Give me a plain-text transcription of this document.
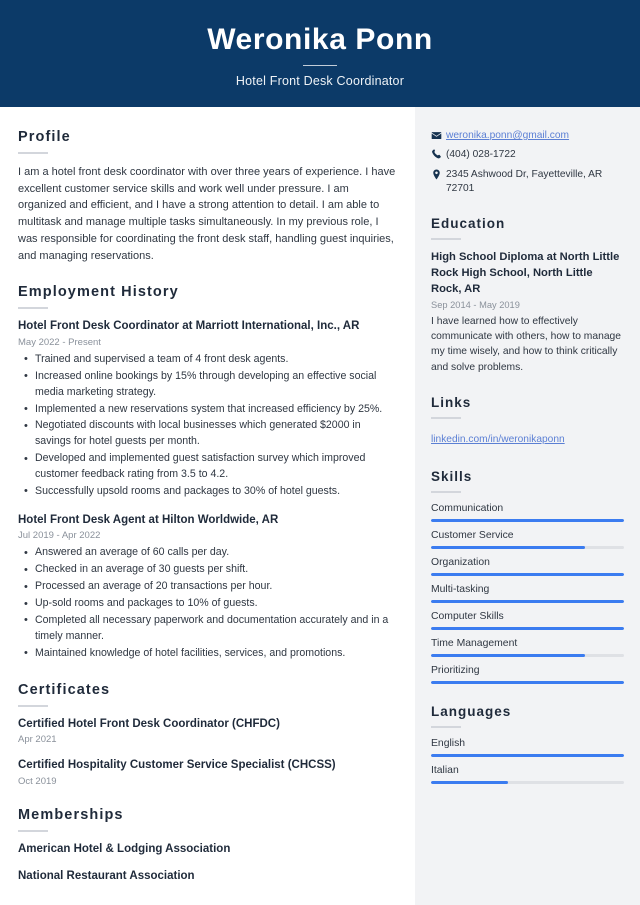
Weronika Ponn
Hotel Front Desk Coordinator
Profile

I am a hotel front desk coordinator with over three years of experience. I have excellent customer service skills and work well under pressure. I am organized and efficient, and I have a strong attention to detail. I am able to multitask and manage multiple tasks simultaneously. In my previous role, I was responsible for coordinating the front desk staff, handling guest inquiries, and managing reservations.

Employment History
Hotel Front Desk Coordinator at Marriott International, Inc., AR
May 2022 - Present
• Trained and supervised a team of 4 front desk agents.
• Increased online bookings by 15% through developing an effective social media marketing strategy.
• Implemented a new reservations system that increased efficiency by 25%.
• Negotiated discounts with local businesses which generated $2000 in savings for hotel guests per month.
• Developed and implemented guest satisfaction survey which improved customer feedback rating from 3.5 to 4.2.
• Successfully upsold rooms and packages to 30% of hotel guests.
Hotel Front Desk Agent at Hilton Worldwide, AR
Jul 2019 - Apr 2022
• Answered an average of 60 calls per day.
• Checked in an average of 30 guests per shift.
• Processed an average of 20 transactions per hour.
• Up-sold rooms and packages to 10% of guests.
• Completed all necessary paperwork and documentation accurately and in a timely manner.
• Maintained knowledge of hotel facilities, services, and promotions.
Certificates
Certified Hotel Front Desk Coordinator (CHFDC)
Apr 2021
Certified Hospitality Customer Service Specialist (CHCSS)
Oct 2019
Memberships
American Hotel & Lodging Association
National Restaurant Association
weronika.ponn@gmail.com
(404) 028-1722
2345 Ashwood Dr, Fayetteville, AR 72701
Education
High School Diploma at North Little Rock High School, North Little Rock, AR
Sep 2014 - May 2019

I have learned how to effectively communicate with others, how to manage my time wisely, and how to think critically and solve problems.

Links
linkedin.com/in/weronikaponn
Skills
Communication
Customer Service
Organization
Multi-tasking
Computer Skills
Time Management
Prioritizing
Languages
English
Italian
